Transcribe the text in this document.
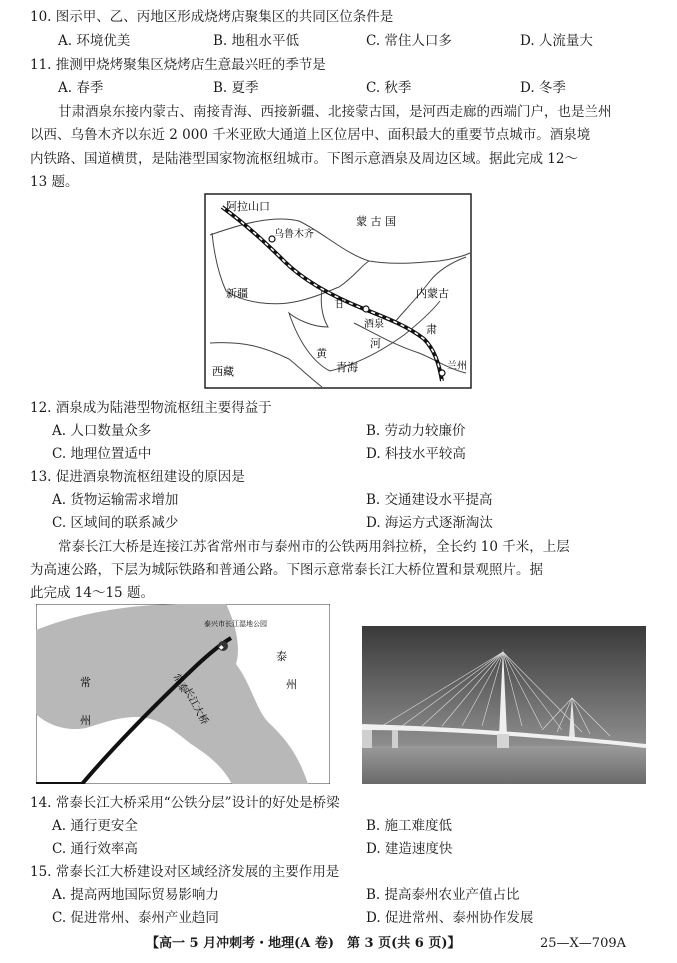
10. 图示甲、乙、丙地区形成烧烤店聚集区的共同区位条件是
A. 环境优美	B. 地租水平低	C. 常住人口多	D. 人流量大
11. 推测甲烧烤聚集区烧烤店生意最兴旺的季节是
A. 春季	B. 夏季	C. 秋季	D. 冬季
甘肃酒泉东接内蒙古、南接青海、西接新疆、北接蒙古国，是河西走廊的西端门户，也是兰州
以西、乌鲁木齐以东近 2 000 千米亚欧大通道上区位居中、面积最大的重要节点城市。酒泉境
内铁路、国道横贯，是陆港型国家物流枢纽城市。下图示意酒泉及周边区域。据此完成 12～
13 题。
阿拉山口
乌鲁木齐
蒙 古 国
新疆	内蒙古
甘
肃
酒泉
河
黄
青海	兰州
西藏
12. 酒泉成为陆港型物流枢纽主要得益于
A. 人口数量众多	B. 劳动力较廉价
C. 地理位置适中	D. 科技水平较高
13. 促进酒泉物流枢纽建设的原因是
A. 货物运输需求增加	B. 交通建设水平提高
C. 区域间的联系减少	D. 海运方式逐渐淘汰
常泰长江大桥是连接江苏省常州市与泰州市的公铁两用斜拉桥，全长约 10 千米，上层
为高速公路，下层为城际铁路和普通公路。下图示意常泰长江大桥位置和景观照片。据
此完成 14～15 题。
◆
泰兴市长江湿地公园
常
州
泰
州
常泰
长江大桥
14. 常泰长江大桥采用“公铁分层”设计的好处是桥梁
A. 通行更安全	B. 施工难度低
C. 通行效率高	D. 建造速度快
15. 常泰长江大桥建设对区域经济发展的主要作用是
A. 提高两地国际贸易影响力	B. 提高泰州农业产值占比
C. 促进常州、泰州产业趋同	D. 促进常州、泰州协作发展
【高一 5 月冲刺考・地理(A 卷)　第 3 页(共 6 页)】	25—X—709A
